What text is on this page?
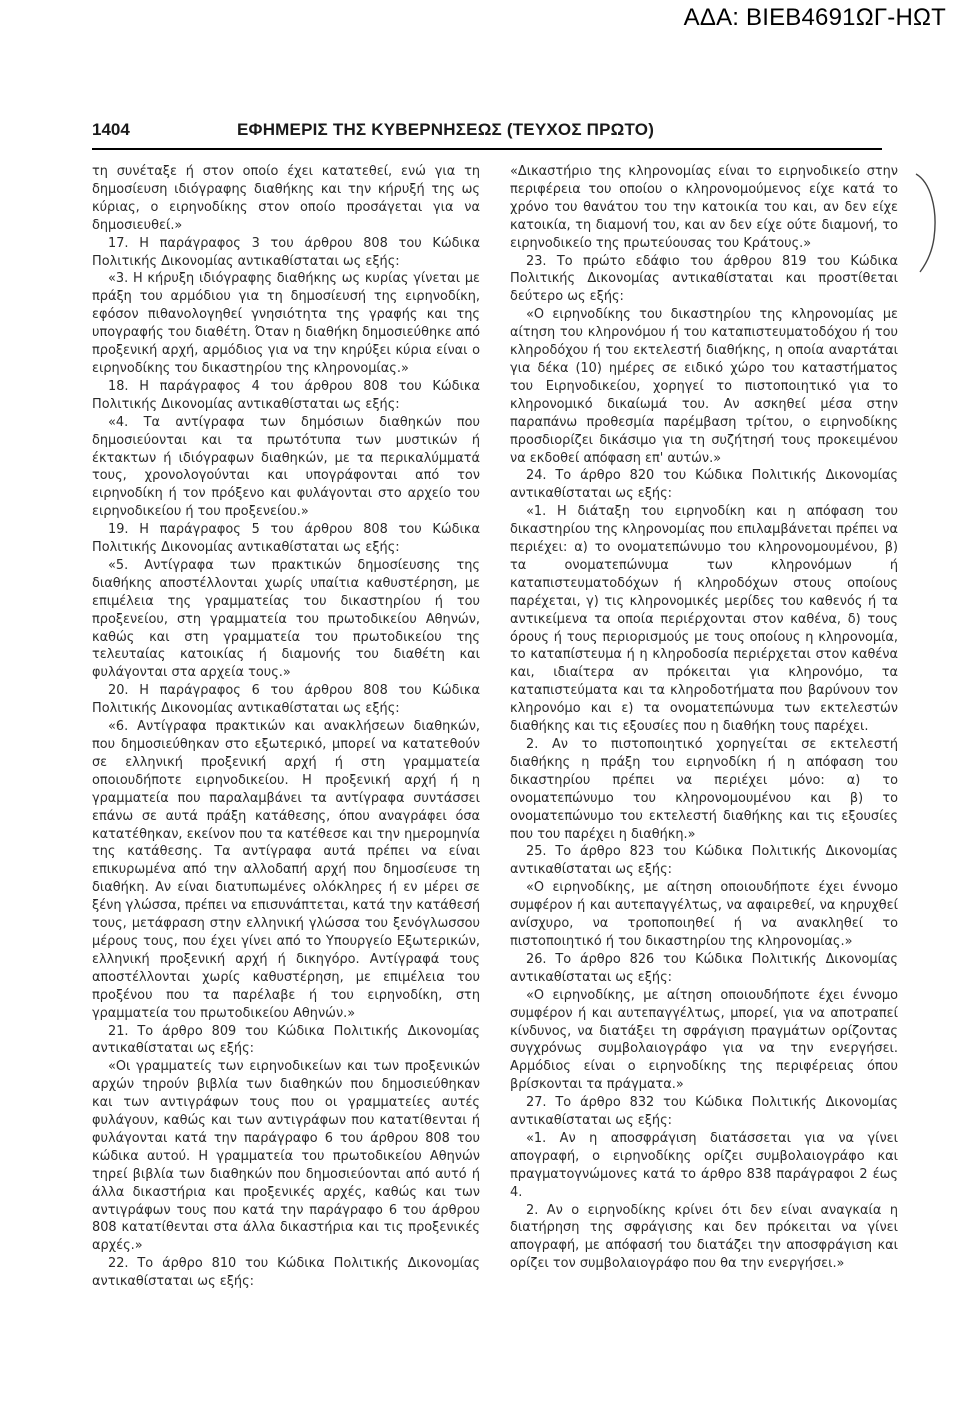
ΑΔΑ: ΒΙΕΒ4691ΩΓ-ΗΩΤ
1404	ΕΦΗΜΕΡΙΣ ΤΗΣ ΚΥΒΕΡΝΗΣΕΩΣ (ΤΕΥΧΟΣ ΠΡΩΤΟ)

τη συνέταξε ή στον οποίο έχει κατατεθεί, ενώ για τη δημοσίευση ιδιόγραφης διαθήκης και την κήρυξή της ως κύριας, ο ειρηνοδίκης στον οποίο προσάγεται για να δημοσιευθεί.»

17. Η παράγραφος 3 του άρθρου 808 του Κώδικα Πολιτικής Δικονομίας αντικαθίσταται ως εξής:

«3. Η κήρυξη ιδιόγραφης διαθήκης ως κυρίας γίνεται με πράξη του αρμόδιου για τη δημοσίευσή της ειρηνοδίκη, εφόσον πιθανολογηθεί γνησιότητα της γραφής και της υπογραφής του διαθέτη. Όταν η διαθήκη δημοσιεύθηκε από προξενική αρχή, αρμόδιος για να την κηρύξει κύρια είναι ο ειρηνοδίκης του δικαστηρίου της κληρονομίας.»

18. Η παράγραφος 4 του άρθρου 808 του Κώδικα Πολιτικής Δικονομίας αντικαθίσταται ως εξής:

«4. Τα αντίγραφα των δημόσιων διαθηκών που δημοσιεύονται και τα πρωτότυπα των μυστικών ή έκτακτων ή ιδιόγραφων διαθηκών, με τα περικαλύμματά τους, χρονολογούνται και υπογράφονται από τον ειρηνοδίκη ή τον πρόξενο και φυλάγονται στο αρχείο του ειρηνοδικείου ή του προξενείου.»

19. Η παράγραφος 5 του άρθρου 808 του Κώδικα Πολιτικής Δικονομίας αντικαθίσταται ως εξής:

«5. Αντίγραφα των πρακτικών δημοσίευσης της διαθήκης αποστέλλονται χωρίς υπαίτια καθυστέρηση, με επιμέλεια της γραμματείας του δικαστηρίου ή του προξενείου, στη γραμματεία του πρωτοδικείου Αθηνών, καθώς και στη γραμματεία του πρωτοδικείου της τελευταίας κατοικίας ή διαμονής του διαθέτη και φυλάγονται στα αρχεία τους.»

20. Η παράγραφος 6 του άρθρου 808 του Κώδικα Πολιτικής Δικονομίας αντικαθίσταται ως εξής:

«6. Αντίγραφα πρακτικών και ανακλήσεων διαθηκών, που δημοσιεύθηκαν στο εξωτερικό, μπορεί να κατατεθούν σε ελληνική προξενική αρχή ή στη γραμματεία οποιουδήποτε ειρηνοδικείου. Η προξενική αρχή ή η γραμματεία που παραλαμβάνει τα αντίγραφα συντάσσει επάνω σε αυτά πράξη κατάθεσης, όπου αναγράφει όσα κατατέθηκαν, εκείνον που τα κατέθεσε και την ημερομηνία της κατάθεσης. Τα αντίγραφα αυτά πρέπει να είναι επικυρωμένα από την αλλοδαπή αρχή που δημοσίευσε τη διαθήκη. Αν είναι διατυπωμένες ολόκληρες ή εν μέρει σε ξένη γλώσσα, πρέπει να επισυνάπτεται, κατά την κατάθεσή τους, μετάφραση στην ελληνική γλώσσα του ξενόγλωσσου μέρους τους, που έχει γίνει από το Υπουργείο Εξωτερικών, ελληνική προξενική αρχή ή δικηγόρο. Αντίγραφά τους αποστέλλονται χωρίς καθυστέρηση, με επιμέλεια του προξένου που τα παρέλαβε ή του ειρηνοδίκη, στη γραμματεία του πρωτοδικείου Αθηνών.»

21. Το άρθρο 809 του Κώδικα Πολιτικής Δικονομίας αντικαθίσταται ως εξής:

«Οι γραμματείς των ειρηνοδικείων και των προξενικών αρχών τηρούν βιβλία των διαθηκών που δημοσιεύθηκαν και των αντιγράφων τους που οι γραμματείες αυτές φυλάγουν, καθώς και των αντιγράφων που κατατίθενται ή φυλάγονται κατά την παράγραφο 6 του άρθρου 808 του κώδικα αυτού. Η γραμματεία του πρωτοδικείου Αθηνών τηρεί βιβλία των διαθηκών που δημοσιεύονται από αυτό ή άλλα δικαστήρια και προξενικές αρχές, καθώς και των αντιγράφων τους που κατά την παράγραφο 6 του άρθρου 808 κατατίθενται στα άλλα δικαστήρια και τις προξενικές αρχές.»

22. Το άρθρο 810 του Κώδικα Πολιτικής Δικονομίας αντικαθίσταται ως εξής:

«Δικαστήριο της κληρονομίας είναι το ειρηνοδικείο στην περιφέρεια του οποίου ο κληρονομούμενος είχε κατά το χρόνο του θανάτου του την κατοικία του και, αν δεν είχε κατοικία, τη διαμονή του, και αν δεν είχε ούτε διαμονή, το ειρηνοδικείο της πρωτεύουσας του Κράτους.»

23. Το πρώτο εδάφιο του άρθρου 819 του Κώδικα Πολιτικής Δικονομίας αντικαθίσταται και προστίθεται δεύτερο ως εξής:

«Ο ειρηνοδίκης του δικαστηρίου της κληρονομίας με αίτηση του κληρονόμου ή του καταπιστευματοδόχου ή του κληροδόχου ή του εκτελεστή διαθήκης, η οποία αναρτάται για δέκα (10) ημέρες σε ειδικό χώρο του καταστήματος του Ειρηνοδικείου, χορηγεί το πιστοποιητικό για το κληρονομικό δικαίωμά του. Αν ασκηθεί μέσα στην παραπάνω προθεσμία παρέμβαση τρίτου, ο ειρηνοδίκης προσδιορίζει δικάσιμο για τη συζήτησή τους προκειμένου να εκδοθεί απόφαση επ' αυτών.»

24. Το άρθρο 820 του Κώδικα Πολιτικής Δικονομίας αντικαθίσταται ως εξής:

«1. Η διάταξη του ειρηνοδίκη και η απόφαση του δικαστηρίου της κληρονομίας που επιλαμβάνεται πρέπει να περιέχει: α) το ονοματεπώνυμο του κληρονομουμένου, β) τα ονοματεπώνυμα των κληρονόμων ή καταπιστευματοδόχων ή κληροδόχων στους οποίους παρέχεται, γ) τις κληρονομικές μερίδες του καθενός ή τα αντικείμενα τα οποία περιέρχονται στον καθένα, δ) τους όρους ή τους περιορισμούς με τους οποίους η κληρονομία, το καταπίστευμα ή η κληροδοσία περιέρχεται στον καθένα και, ιδιαίτερα αν πρόκειται για κληρονόμο, τα καταπιστεύματα και τα κληροδοτήματα που βαρύνουν τον κληρονόμο και ε) τα ονοματεπώνυμα των εκτελεστών διαθήκης και τις εξουσίες που η διαθήκη τους παρέχει.

2. Αν το πιστοποιητικό χορηγείται σε εκτελεστή διαθήκης η πράξη του ειρηνοδίκη ή η απόφαση του δικαστηρίου πρέπει να περιέχει μόνο: α) το ονοματεπώνυμο του κληρονομουμένου και β) το ονοματεπώνυμο του εκτελεστή διαθήκης και τις εξουσίες που του παρέχει η διαθήκη.»

25. Το άρθρο 823 του Κώδικα Πολιτικής Δικονομίας αντικαθίσταται ως εξής:

«Ο ειρηνοδίκης, με αίτηση οποιουδήποτε έχει έννομο συμφέρον ή και αυτεπαγγέλτως, να αφαιρεθεί, να κηρυχθεί ανίσχυρο, να τροποποιηθεί ή να ανακληθεί το πιστοποιητικό ή του δικαστηρίου της κληρονομίας.»

26. Το άρθρο 826 του Κώδικα Πολιτικής Δικονομίας αντικαθίσταται ως εξής:

«Ο ειρηνοδίκης, με αίτηση οποιουδήποτε έχει έννομο συμφέρον ή και αυτεπαγγέλτως, μπορεί, για να αποτραπεί κίνδυνος, να διατάξει τη σφράγιση πραγμάτων ορίζοντας συγχρόνως συμβολαιογράφο για να την ενεργήσει. Αρμόδιος είναι ο ειρηνοδίκης της περιφέρειας όπου βρίσκονται τα πράγματα.»

27. Το άρθρο 832 του Κώδικα Πολιτικής Δικονομίας αντικαθίσταται ως εξής:

«1. Αν η αποσφράγιση διατάσσεται για να γίνει απογραφή, ο ειρηνοδίκης ορίζει συμβολαιογράφο και πραγματογνώμονες κατά το άρθρο 838 παράγραφοι 2 έως 4.

2. Αν ο ειρηνοδίκης κρίνει ότι δεν είναι αναγκαία η διατήρηση της σφράγισης και δεν πρόκειται να γίνει απογραφή, με απόφασή του διατάζει την αποσφράγιση και ορίζει τον συμβολαιογράφο που θα την ενεργήσει.»
